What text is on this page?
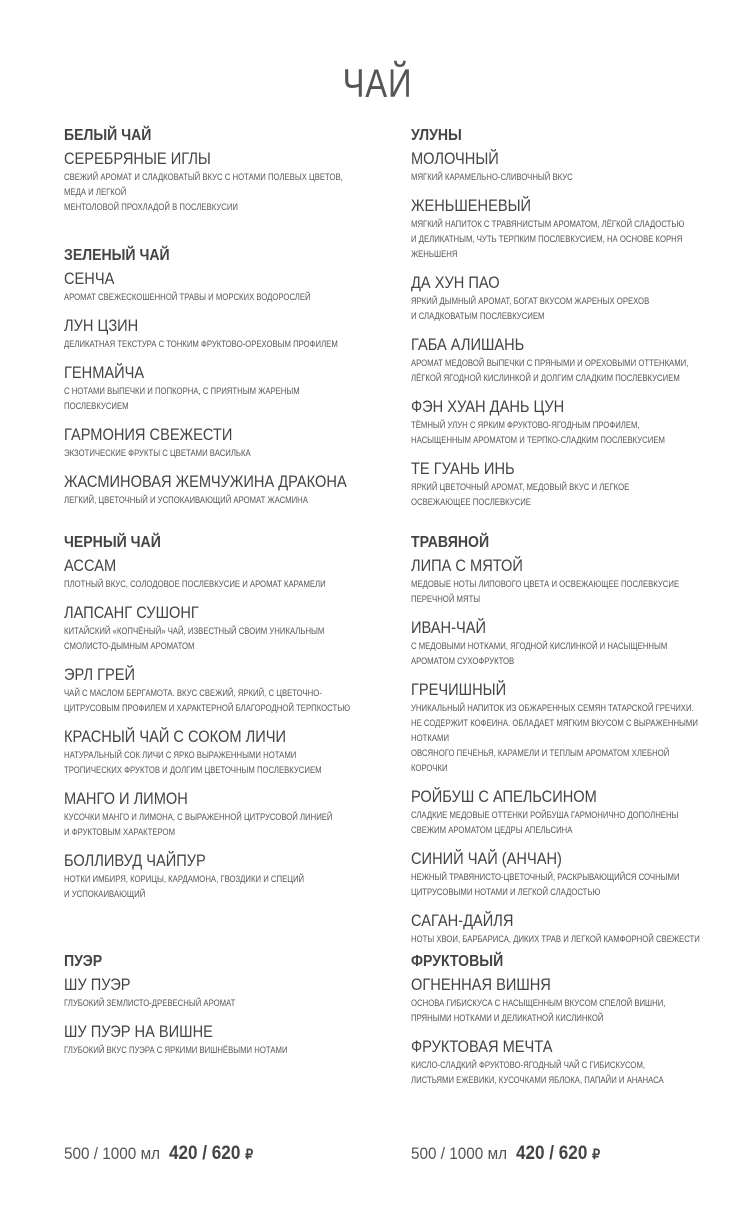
ЧАЙ
БЕЛЫЙ ЧАЙ
СЕРЕБРЯНЫЕ ИГЛЫ
СВЕЖИЙ АРОМАТ И СЛАДКОВАТЫЙ ВКУС С НОТАМИ ПОЛЕВЫХ ЦВЕТОВ, МЕДА И ЛЕГКОЙ
МЕНТОЛОВОЙ ПРОХЛАДОЙ В ПОСЛЕВКУСИИ
ЗЕЛЕНЫЙ ЧАЙ
СЕНЧА
АРОМАТ СВЕЖЕСКОШЕННОЙ ТРАВЫ И МОРСКИХ ВОДОРОСЛЕЙ
ЛУН ЦЗИН
ДЕЛИКАТНАЯ ТЕКСТУРА С ТОНКИМ ФРУКТОВО-ОРЕХОВЫМ ПРОФИЛЕМ
ГЕНМАЙЧА
С НОТАМИ ВЫПЕЧКИ И ПОПКОРНА, С ПРИЯТНЫМ ЖАРЕНЫМ ПОСЛЕВКУСИЕМ
ГАРМОНИЯ СВЕЖЕСТИ
ЭКЗОТИЧЕСКИЕ ФРУКТЫ С ЦВЕТАМИ ВАСИЛЬКА
ЖАСМИНОВАЯ ЖЕМЧУЖИНА ДРАКОНА
ЛЕГКИЙ, ЦВЕТОЧНЫЙ И УСПОКАИВАЮЩИЙ АРОМАТ ЖАСМИНА
ЧЕРНЫЙ ЧАЙ
АССАМ
ПЛОТНЫЙ ВКУС, СОЛОДОВОЕ ПОСЛЕВКУСИЕ И АРОМАТ КАРАМЕЛИ
ЛАПСАНГ СУШОНГ
КИТАЙСКИЙ «КОПЧЁНЫЙ» ЧАЙ, ИЗВЕСТНЫЙ СВОИМ УНИКАЛЬНЫМ
СМОЛИСТО-ДЫМНЫМ АРОМАТОМ
ЭРЛ ГРЕЙ
ЧАЙ С МАСЛОМ БЕРГАМОТА. ВКУС СВЕЖИЙ, ЯРКИЙ, С ЦВЕТОЧНО-
ЦИТРУСОВЫМ ПРОФИЛЕМ И ХАРАКТЕРНОЙ БЛАГОРОДНОЙ ТЕРПКОСТЬЮ
КРАСНЫЙ ЧАЙ С СОКОМ ЛИЧИ
НАТУРАЛЬНЫЙ СОК ЛИЧИ С ЯРКО ВЫРАЖЕННЫМИ НОТАМИ
ТРОПИЧЕСКИХ ФРУКТОВ И ДОЛГИМ ЦВЕТОЧНЫМ ПОСЛЕВКУСИЕМ
МАНГО И ЛИМОН
КУСОЧКИ МАНГО И ЛИМОНА, С ВЫРАЖЕННОЙ ЦИТРУСОВОЙ ЛИНИЕЙ
И ФРУКТОВЫМ ХАРАКТЕРОМ
БОЛЛИВУД ЧАЙПУР
НОТКИ ИМБИРЯ, КОРИЦЫ, КАРДАМОНА, ГВОЗДИКИ И СПЕЦИЙ
И УСПОКАИВАЮЩИЙ
ПУЭР
ШУ ПУЭР
ГЛУБОКИЙ ЗЕМЛИСТО-ДРЕВЕСНЫЙ АРОМАТ
ШУ ПУЭР НА ВИШНЕ
ГЛУБОКИЙ ВКУС ПУЭРА С ЯРКИМИ ВИШНЁВЫМИ НОТАМИ
УЛУНЫ
МОЛОЧНЫЙ
МЯГКИЙ КАРАМЕЛЬНО-СЛИВОЧНЫЙ ВКУС
ЖЕНЬШЕНЕВЫЙ
МЯГКИЙ НАПИТОК С ТРАВЯНИСТЫМ АРОМАТОМ, ЛЁГКОЙ СЛАДОСТЬЮ
И ДЕЛИКАТНЫМ, ЧУТЬ ТЕРПКИМ ПОСЛЕВКУСИЕМ, НА ОСНОВЕ КОРНЯ ЖЕНЬШЕНЯ
ДА ХУН ПАО
ЯРКИЙ ДЫМНЫЙ АРОМАТ, БОГАТ ВКУСОМ ЖАРЕНЫХ ОРЕХОВ
И СЛАДКОВАТЫМ ПОСЛЕВКУСИЕМ
ГАБА АЛИШАНЬ
АРОМАТ МЕДОВОЙ ВЫПЕЧКИ С ПРЯНЫМИ И ОРЕХОВЫМИ ОТТЕНКАМИ,
ЛЁГКОЙ ЯГОДНОЙ КИСЛИНКОЙ И ДОЛГИМ СЛАДКИМ ПОСЛЕВКУСИЕМ
ФЭН ХУАН ДАНЬ ЦУН
ТЁМНЫЙ УЛУН С ЯРКИМ ФРУКТОВО-ЯГОДНЫМ ПРОФИЛЕМ,
НАСЫЩЕННЫМ АРОМАТОМ И ТЕРПКО-СЛАДКИМ ПОСЛЕВКУСИЕМ
ТЕ ГУАНЬ ИНЬ
ЯРКИЙ ЦВЕТОЧНЫЙ АРОМАТ, МЕДОВЫЙ ВКУС И ЛЕГКОЕ
ОСВЕЖАЮЩЕЕ ПОСЛЕВКУСИЕ
ТРАВЯНОЙ
ЛИПА С МЯТОЙ
МЕДОВЫЕ НОТЫ ЛИПОВОГО ЦВЕТА И ОСВЕЖАЮЩЕЕ ПОСЛЕВКУСИЕ
ПЕРЕЧНОЙ МЯТЫ
ИВАН-ЧАЙ
С МЕДОВЫМИ НОТКАМИ, ЯГОДНОЙ КИСЛИНКОЙ И НАСЫЩЕННЫМ
АРОМАТОМ СУХОФРУКТОВ
ГРЕЧИШНЫЙ
УНИКАЛЬНЫЙ НАПИТОК ИЗ ОБЖАРЕННЫХ СЕМЯН ТАТАРСКОЙ ГРЕЧИХИ.
НЕ СОДЕРЖИТ КОФЕИНА. ОБЛАДАЕТ МЯГКИМ ВКУСОМ С ВЫРАЖЕННЫМИ НОТКАМИ
ОВСЯНОГО ПЕЧЕНЬЯ, КАРАМЕЛИ И ТЕПЛЫМ АРОМАТОМ ХЛЕБНОЙ КОРОЧКИ
РОЙБУШ С АПЕЛЬСИНОМ
СЛАДКИЕ МЕДОВЫЕ ОТТЕНКИ РОЙБУША ГАРМОНИЧНО ДОПОЛНЕНЫ
СВЕЖИМ АРОМАТОМ ЦЕДРЫ АПЕЛЬСИНА
СИНИЙ ЧАЙ (АНЧАН)
НЕЖНЫЙ ТРАВЯНИСТО-ЦВЕТОЧНЫЙ, РАСКРЫВАЮЩИЙСЯ СОЧНЫМИ
ЦИТРУСОВЫМИ НОТАМИ И ЛЕГКОЙ СЛАДОСТЬЮ
САГАН-ДАЙЛЯ
НОТЫ ХВОИ, БАРБАРИСА, ДИКИХ ТРАВ И ЛЕГКОЙ КАМФОРНОЙ СВЕЖЕСТИ
ФРУКТОВЫЙ
ОГНЕННАЯ ВИШНЯ
ОСНОВА ГИБИСКУСА С НАСЫЩЕННЫМ ВКУСОМ СПЕЛОЙ ВИШНИ,
ПРЯНЫМИ НОТКАМИ И ДЕЛИКАТНОЙ КИСЛИНКОЙ
ФРУКТОВАЯ МЕЧТА
КИСЛО-СЛАДКИЙ ФРУКТОВО-ЯГОДНЫЙ ЧАЙ С ГИБИСКУСОМ,
ЛИСТЬЯМИ ЕЖЕВИКИ, КУСОЧКАМИ ЯБЛОКА, ПАПАЙИ И АНАНАСА
500 / 1000 мл 420 / 620 ₽	500 / 1000 мл 420 / 620 ₽
